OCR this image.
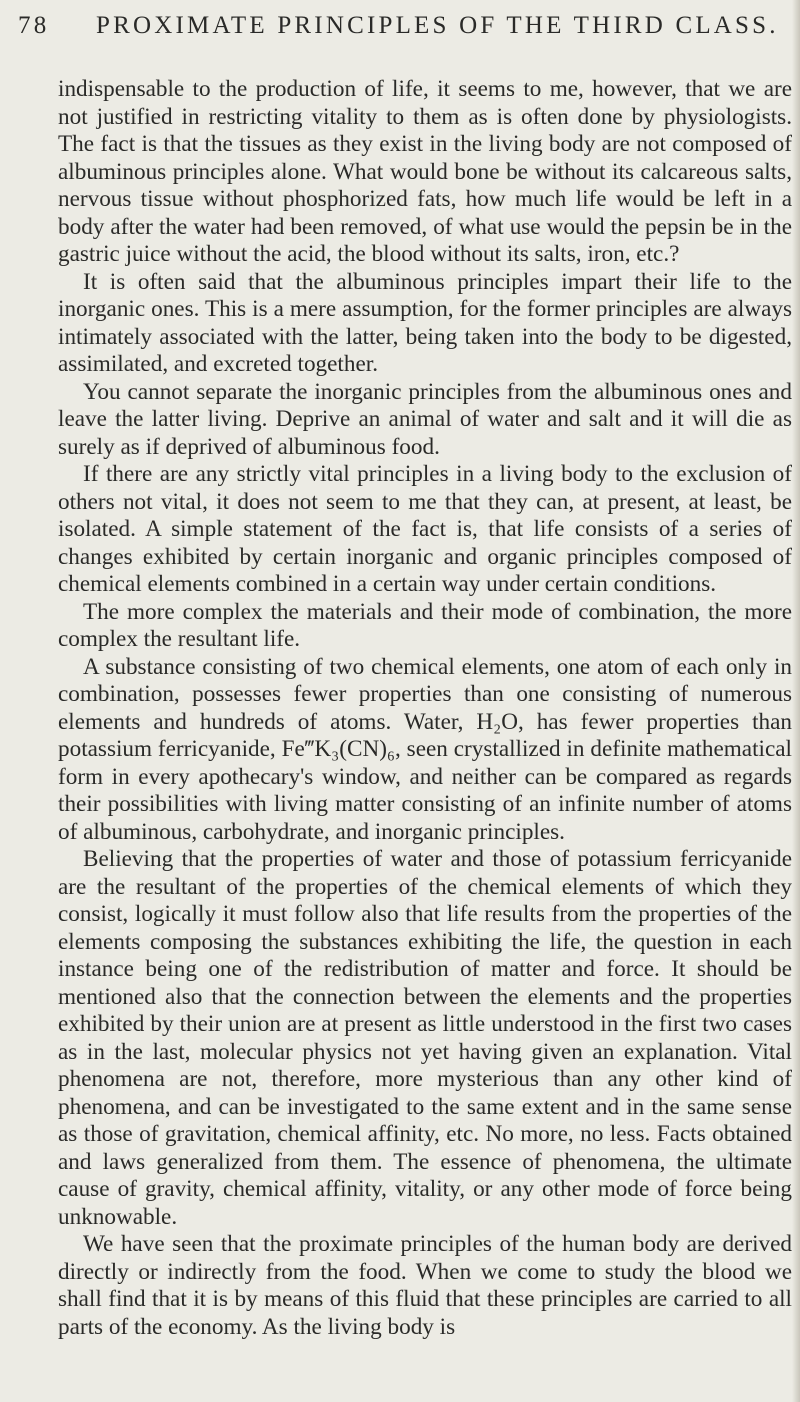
78 PROXIMATE PRINCIPLES OF THE THIRD CLASS.

indispensable to the production of life, it seems to me, however, that we are not justified in restricting vitality to them as is often done by physiologists. The fact is that the tissues as they exist in the living body are not composed of albuminous principles alone. What would bone be without its calcareous salts, nervous tissue without phosphorized fats, how much life would be left in a body after the water had been removed, of what use would the pepsin be in the gastric juice without the acid, the blood without its salts, iron, etc.?

It is often said that the albuminous principles impart their life to the inorganic ones. This is a mere assumption, for the former principles are always intimately associated with the latter, being taken into the body to be digested, assimilated, and excreted together.

You cannot separate the inorganic principles from the albuminous ones and leave the latter living. Deprive an animal of water and salt and it will die as surely as if deprived of albuminous food.

If there are any strictly vital principles in a living body to the exclusion of others not vital, it does not seem to me that they can, at present, at least, be isolated. A simple statement of the fact is, that life consists of a series of changes exhibited by certain inorganic and organic principles composed of chemical elements combined in a certain way under certain conditions.

The more complex the materials and their mode of combination, the more complex the resultant life.

A substance consisting of two chemical elements, one atom of each only in combination, possesses fewer properties than one consisting of numerous elements and hundreds of atoms. Water, H₂O, has fewer properties than potassium ferricyanide, Fe‴K₃(CN)₆, seen crystallized in definite mathematical form in every apothecary's window, and neither can be compared as regards their possibilities with living matter consisting of an infinite number of atoms of albuminous, carbohydrate, and inorganic principles.

Believing that the properties of water and those of potassium ferricyanide are the resultant of the properties of the chemical elements of which they consist, logically it must follow also that life results from the properties of the elements composing the substances exhibiting the life, the question in each instance being one of the redistribution of matter and force. It should be mentioned also that the connection between the elements and the properties exhibited by their union are at present as little understood in the first two cases as in the last, molecular physics not yet having given an explanation. Vital phenomena are not, therefore, more mysterious than any other kind of phenomena, and can be investigated to the same extent and in the same sense as those of gravitation, chemical affinity, etc. No more, no less. Facts obtained and laws generalized from them. The essence of phenomena, the ultimate cause of gravity, chemical affinity, vitality, or any other mode of force being unknowable.

We have seen that the proximate principles of the human body are derived directly or indirectly from the food. When we come to study the blood we shall find that it is by means of this fluid that these principles are carried to all parts of the economy. As the living body is
